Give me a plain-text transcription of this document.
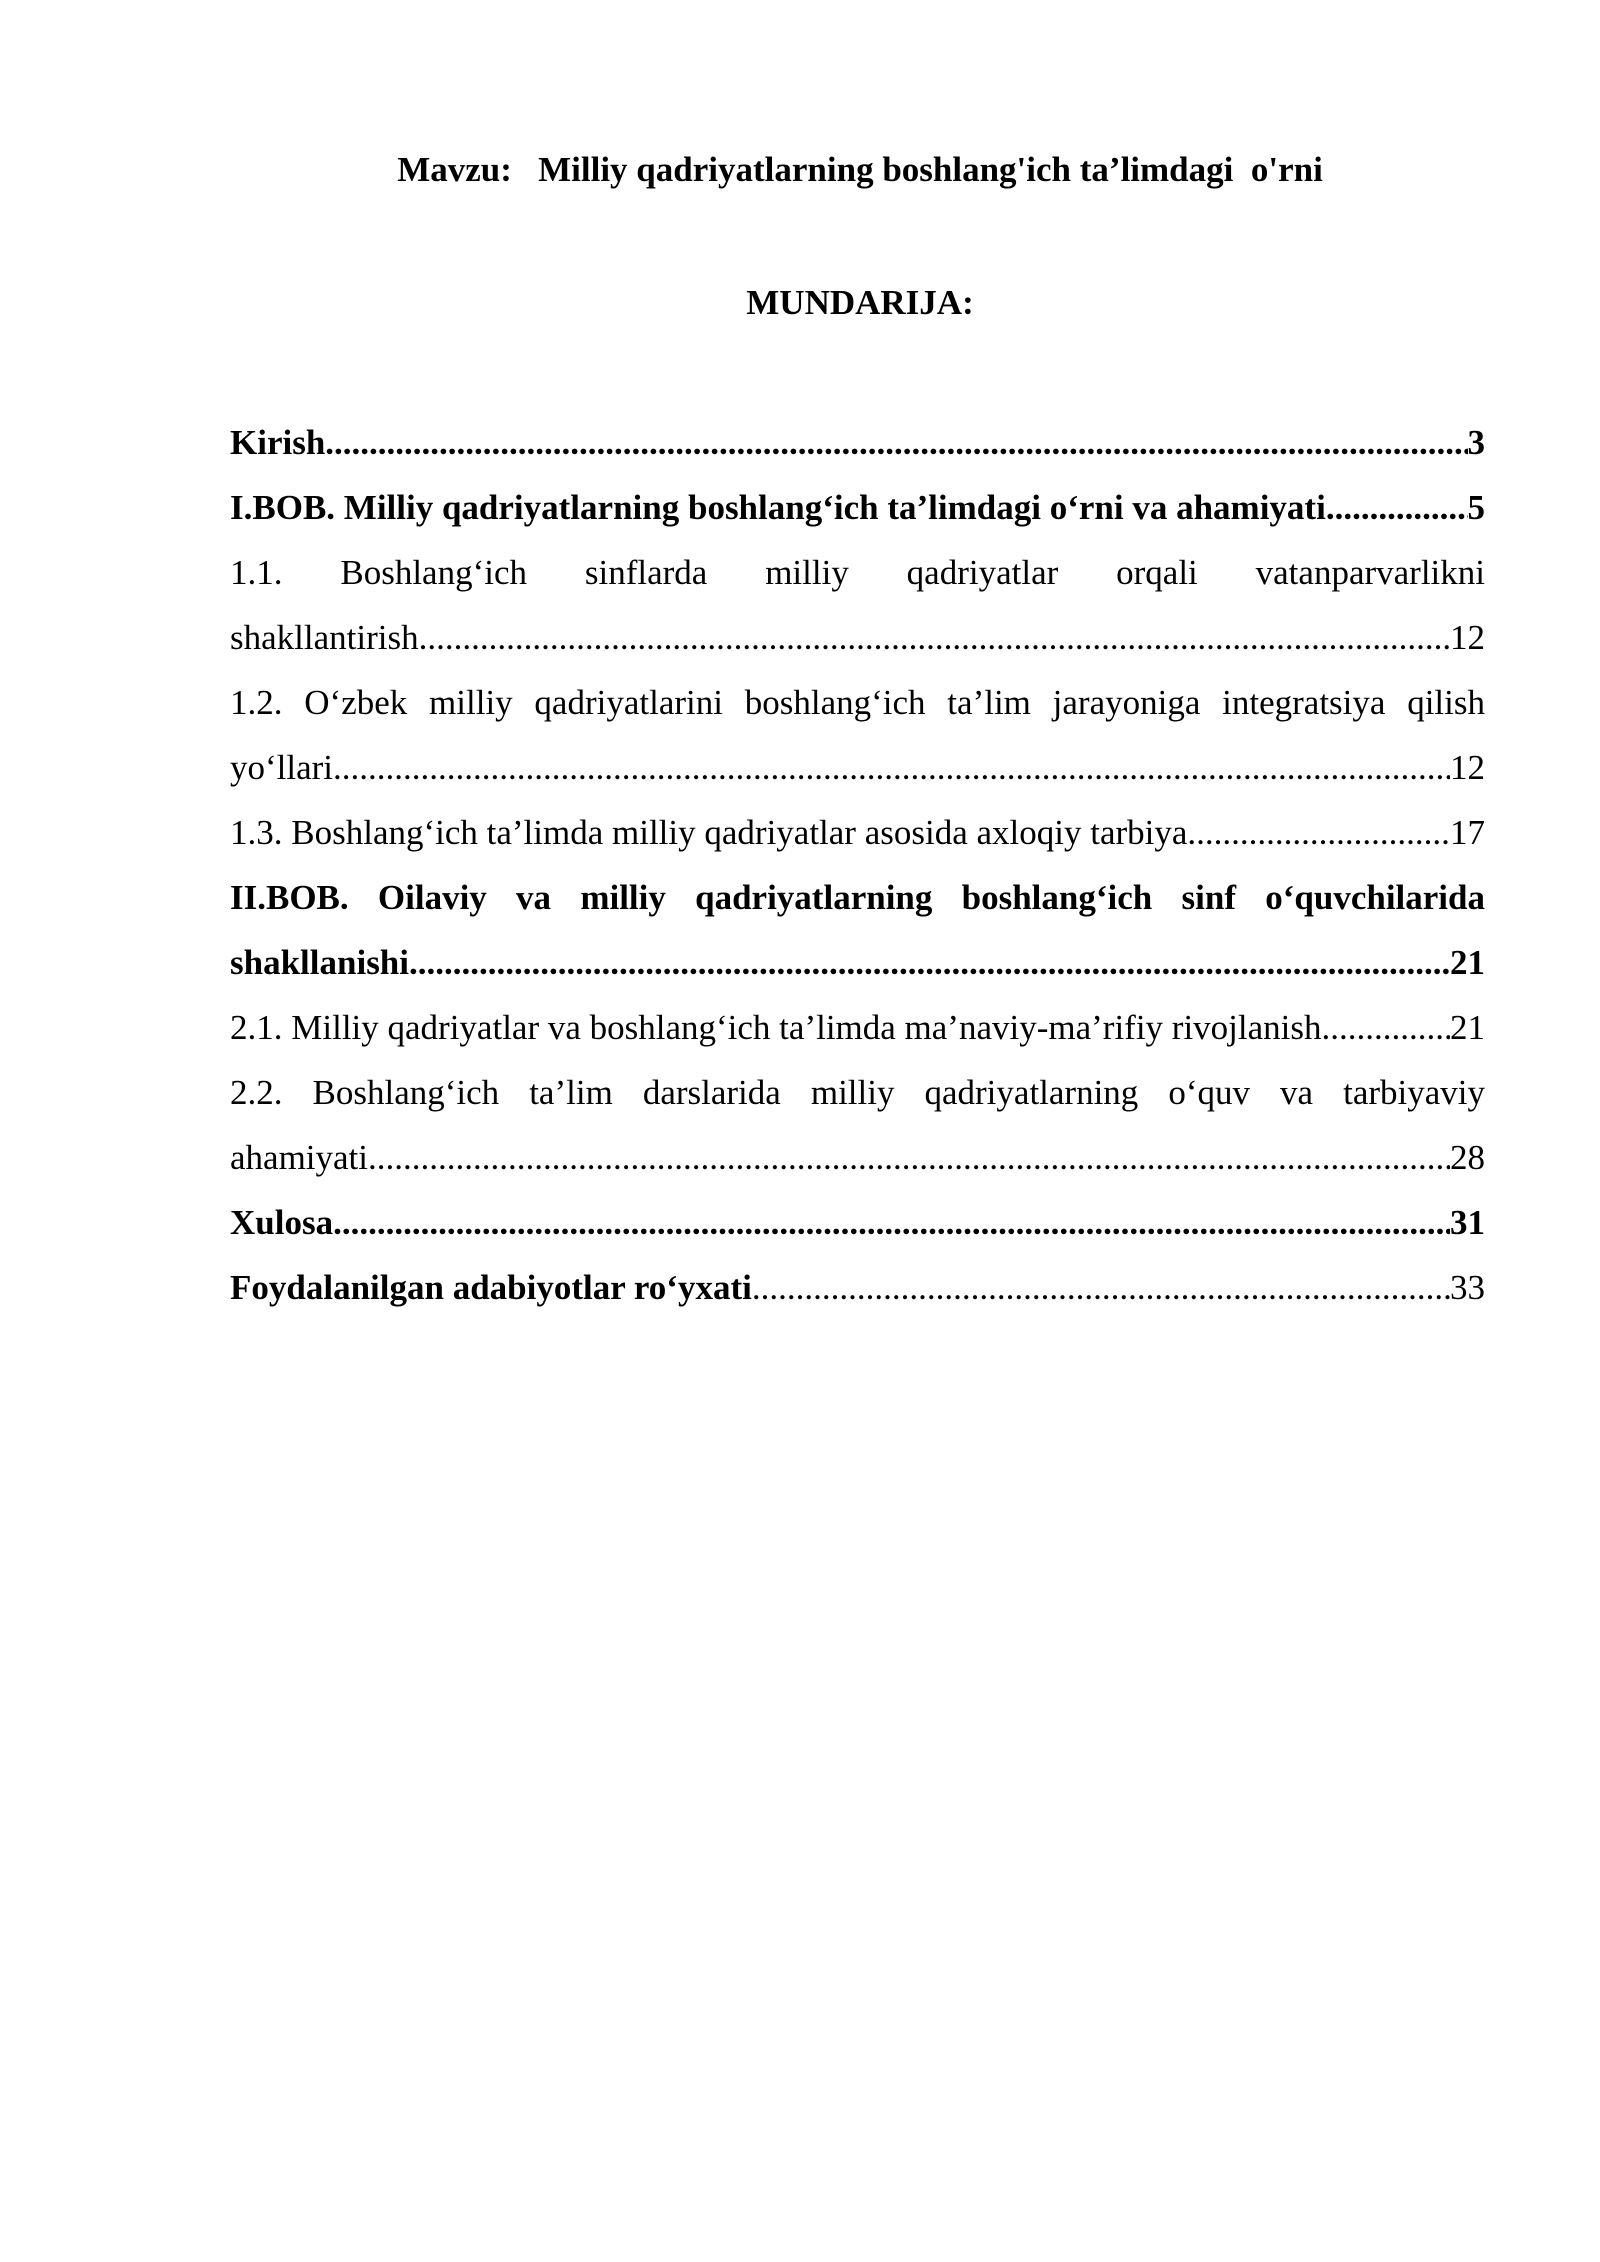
Mavzu:   Milliy qadriyatlarning boshlang'ich ta’limdagi  o'rni
MUNDARIJA:
Kirish .....	3
I.BOB. Milliy qadriyatlarning boshlang‘ich ta’limdagi o‘rni va ahamiyati .....	5
1.1. Boshlang‘ich sinflarda milliy qadriyatlar orqali vatanparvarlikni
shakllantirish .....	12
1.2. O‘zbek milliy qadriyatlarini boshlang‘ich ta’lim jarayoniga integratsiya qilish
yo‘llari .....	12
1.3. Boshlang‘ich ta’limda milliy qadriyatlar asosida axloqiy tarbiya .....	17
II.BOB. Oilaviy va milliy qadriyatlarning boshlang‘ich sinf o‘quvchilarida
shakllanishi .....	21
2.1. Milliy qadriyatlar va boshlang‘ich ta’limda ma’naviy-ma’rifiy rivojlanish .....	21
2.2. Boshlang‘ich ta’lim darslarida milliy qadriyatlarning o‘quv va tarbiyaviy
ahamiyati .....	28
Xulosa .....	31
Foydalanilgan adabiyotlar ro‘yxati .....	33
